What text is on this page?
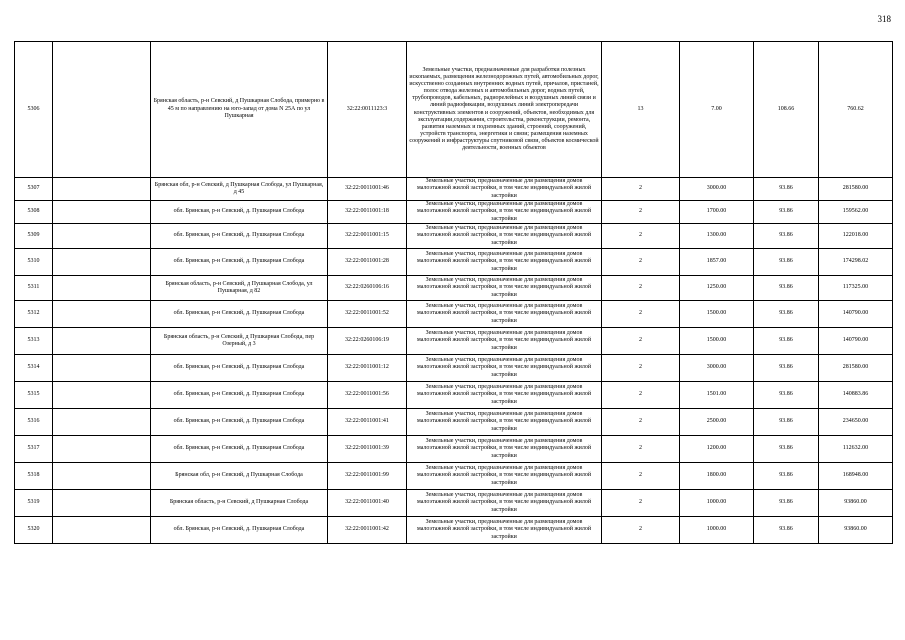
318
5306		Брянская область, р-н Севский, д Пушкарная Слобода, примерно в 45 м по направлению на юго-запад от дома N 25А по ул Пушкарная	32:22:0011123:3	Земельные участки, предназначенные для разработки полезных ископаемых, размещения железнодорожных путей, автомобильных дорог, искусственно созданных внутренних водных путей, причалов, пристаней, полос отвода железных и автомобильных дорог, водных путей, трубопроводов, кабельных, радиорелейных и воздушных линий связи и линий радиофикации, воздушных линий электропередачи конструктивных элементов и сооружений, объектов, необходимых для эксплуатации,содержания, строительства, реконструкции, ремонта, развития наземных и подземных зданий, строений, сооружений, устройств транспорта, энергетики и связи; размещения наземных сооружений и инфраструктуры спутниковой связи, объектов космической деятельности, военных объектов	13	7.00	108.66	760.62
5307		Брянская обл, р-н Севский, д Пушкарная Слобода, ул Пушкарная, д 45	32:22:0011001:46	Земельные участки, предназначенные для размещения домов малоэтажной жилой застройки, в том числе индивидуальной жилой застройки	2	3000.00	93.86	281580.00
5308		обл. Брянская, р-н Севский, д. Пушкарная Слобода	32:22:0011001:18	Земельные участки, предназначенные для размещения домов малоэтажной жилой застройки, в том числе индивидуальной жилой застройки	2	1700.00	93.86	159562.00
5309		обл. Брянская, р-н Севский, д. Пушкарная Слобода	32:22:0011001:15	Земельные участки, предназначенные для размещения домов малоэтажной жилой застройки, в том числе индивидуальной жилой застройки	2	1300.00	93.86	122018.00
5310		обл. Брянская, р-н Севский, д. Пушкарная Слобода	32:22:0011001:28	Земельные участки, предназначенные для размещения домов малоэтажной жилой застройки, в том числе индивидуальной жилой застройки	2	1857.00	93.86	174298.02
5311		Брянская область, р-н Севский, д Пушкарная Слобода, ул Пушкарная, д 82	32:22:0260106:16	Земельные участки, предназначенные для размещения домов малоэтажной жилой застройки, в том числе индивидуальной жилой застройки	2	1250.00	93.86	117325.00
5312		обл. Брянская, р-н Севский, д. Пушкарная Слобода	32:22:0011001:52	Земельные участки, предназначенные для размещения домов малоэтажной жилой застройки, в том числе индивидуальной жилой застройки	2	1500.00	93.86	140790.00
5313		Брянская область, р-н Севский, д Пушкарная Слобода, пер Озерный, д 3	32:22:0260106:19	Земельные участки, предназначенные для размещения домов малоэтажной жилой застройки, в том числе индивидуальной жилой застройки	2	1500.00	93.86	140790.00
5314		обл. Брянская, р-н Севский, д. Пушкарная Слобода	32:22:0011001:12	Земельные участки, предназначенные для размещения домов малоэтажной жилой застройки, в том числе индивидуальной жилой застройки	2	3000.00	93.86	281580.00
5315		обл. Брянская, р-н Севский, д. Пушкарная Слобода	32:22:0011001:56	Земельные участки, предназначенные для размещения домов малоэтажной жилой застройки, в том числе индивидуальной жилой застройки	2	1501.00	93.86	140883.86
5316		обл. Брянская, р-н Севский, д. Пушкарная Слобода	32:22:0011001:41	Земельные участки, предназначенные для размещения домов малоэтажной жилой застройки, в том числе индивидуальной жилой застройки	2	2500.00	93.86	234650.00
5317		обл. Брянская, р-н Севский, д. Пушкарная Слобода	32:22:0011001:39	Земельные участки, предназначенные для размещения домов малоэтажной жилой застройки, в том числе индивидуальной жилой застройки	2	1200.00	93.86	112632.00
5318		Брянская обл, р-н Севский, д Пушкарная Слобода	32:22:0011001:99	Земельные участки, предназначенные для размещения домов малоэтажной жилой застройки, в том числе индивидуальной жилой застройки	2	1800.00	93.86	168948.00
5319		Брянская область, р-н Севский, д Пушкарная Слобода	32:22:0011001:40	Земельные участки, предназначенные для размещения домов малоэтажной жилой застройки, в том числе индивидуальной жилой застройки	2	1000.00	93.86	93860.00
5320		обл. Брянская, р-н Севский, д. Пушкарная Слобода	32:22:0011001:42	Земельные участки, предназначенные для размещения домов малоэтажной жилой застройки, в том числе индивидуальной жилой застройки	2	1000.00	93.86	93860.00
